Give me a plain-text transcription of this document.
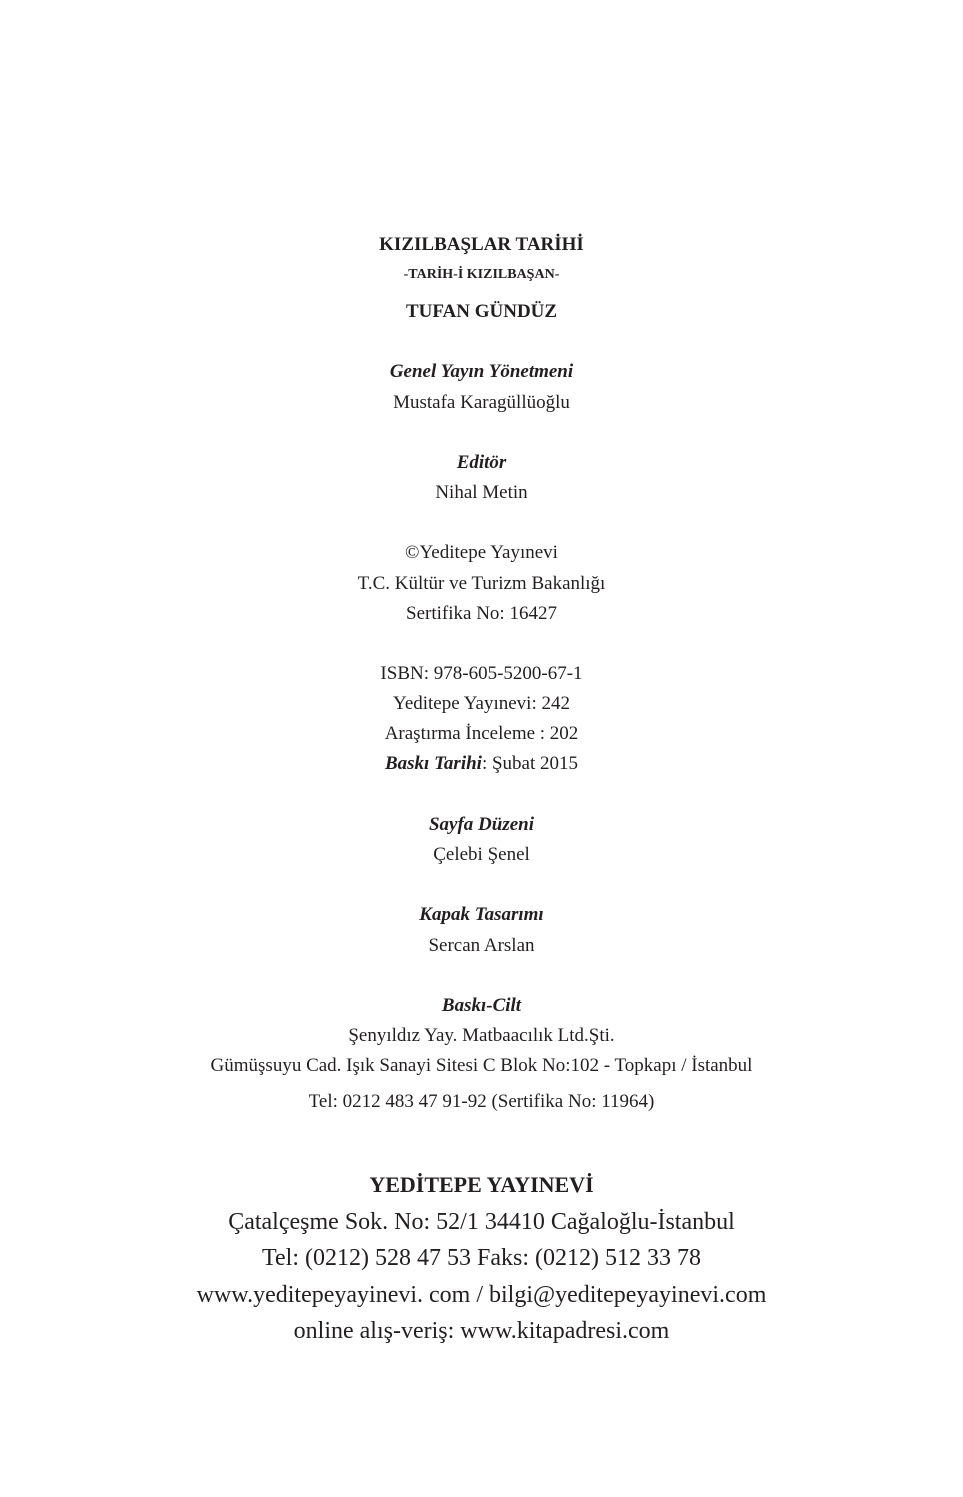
KIZILBAŞLAR TARİHİ
-TARİH-İ KIZILBAŞAN-
TUFAN GÜNDÜZ
Genel Yayın Yönetmeni
Mustafa Karagüllüoğlu
Editör
Nihal Metin
©Yeditepe Yayınevi
T.C. Kültür ve Turizm Bakanlığı
Sertifika No: 16427
ISBN: 978-605-5200-67-1
Yeditepe Yayınevi: 242
Araştırma İnceleme : 202
Baskı Tarihi: Şubat 2015
Sayfa Düzeni
Çelebi Şenel
Kapak Tasarımı
Sercan Arslan
Baskı-Cilt
Şenyıldız Yay. Matbaacılık Ltd.Şti.
Gümüşsuyu Cad. Işık Sanayi Sitesi C Blok No:102 - Topkapı / İstanbul
Tel: 0212 483 47 91-92 (Sertifika No: 11964)
YEDİTEPE YAYINEVİ
Çatalçeşme Sok. No: 52/1 34410 Cağaloğlu-İstanbul
Tel: (0212) 528 47 53 Faks: (0212) 512 33 78
www.yeditepeyayinevi. com / bilgi@yeditepeyayinevi.com
online alış-veriş: www.kitapadresi.com
